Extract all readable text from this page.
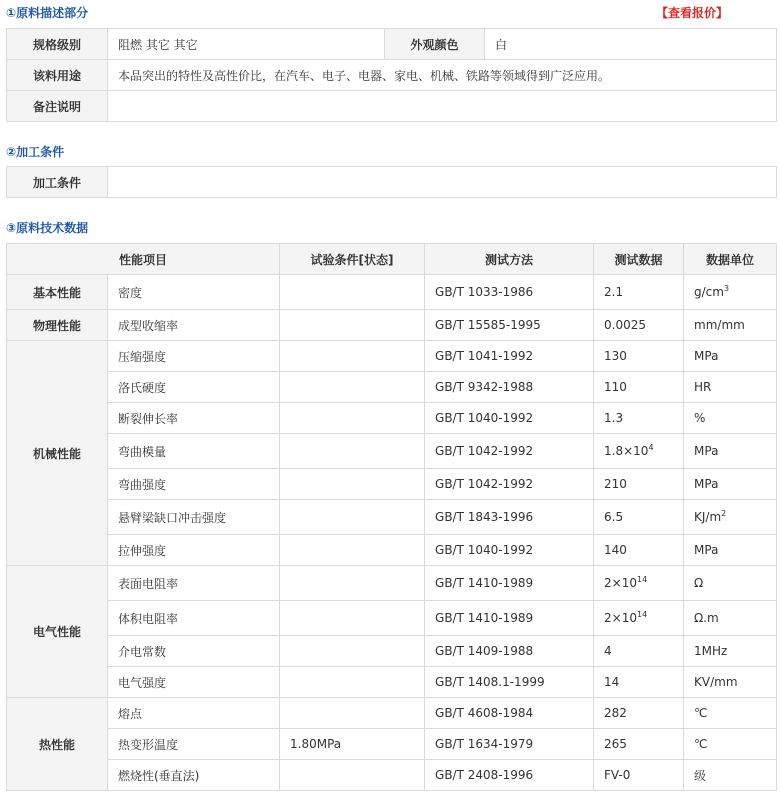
①原料描述部分	【查看报价】
规格级别	阻燃 其它 其它	外观颜色	白
该料用途	本品突出的特性及高性价比，在汽车、电子、电器、家电、机械、铁路等领域得到广泛应用。		
备注说明			
②加工条件
加工条件	
③原料技术数据
性能项目		试验条件[状态]	测试方法	测试数据	数据单位
基本性能	密度		GB/T 1033-1986	2.1	$g/cm^3$
物理性能	成型收缩率		GB/T 15585-1995	0.0025	mm/mm
机械性能	压缩强度		GB/T 1041-1992	130	MPa
	洛氏硬度		GB/T 9342-1988	110	HR
	断裂伸长率		GB/T 1040-1992	1.3	%
	弯曲模量		GB/T 1042-1992	$1.8\times 10^4$	MPa
	弯曲强度		GB/T 1042-1992	210	MPa
	悬臂梁缺口冲击强度		GB/T 1843-1996	6.5	$KJ/m^2$
	拉伸强度		GB/T 1040-1992	140	MPa
电气性能	表面电阻率		GB/T 1410-1989	$2\times 10^{14}$	Ω
	体积电阻率		GB/T 1410-1989	$2\times 10^{14}$	Ω.m
	介电常数		GB/T 1409-1988	4	1MHz
	电气强度		GB/T 1408.1-1999	14	KV/mm
热性能	熔点		GB/T 4608-1984	282	℃
	热变形温度	1.80MPa	GB/T 1634-1979	265	℃
	燃烧性(垂直法)		GB/T 2408-1996	FV-0	级
